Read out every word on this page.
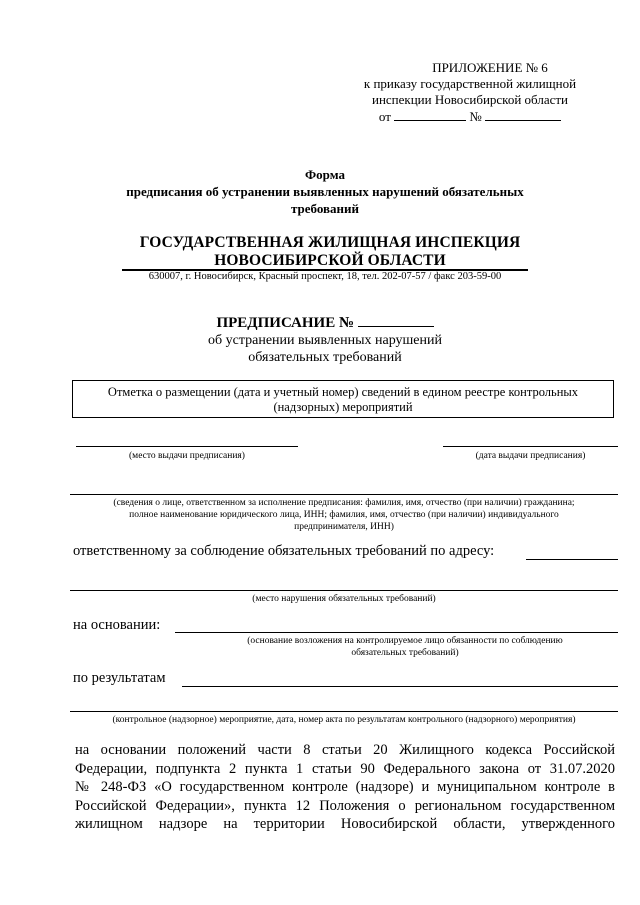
ПРИЛОЖЕНИЕ № 6
к приказу государственной жилищной
инспекции Новосибирской области
от	№
Форма
предписания об устранении выявленных нарушений обязательных
требований
ГОСУДАРСТВЕННАЯ ЖИЛИЩНАЯ ИНСПЕКЦИЯ
НОВОСИБИРСКОЙ ОБЛАСТИ
630007, г. Новосибирск, Красный проспект, 18, тел. 202-07-57 / факс 203-59-00
ПРЕДПИСАНИЕ №
об устранении выявленных нарушений
обязательных требований
Отметка о размещении (дата и учетный номер) сведений в едином реестре контрольных
(надзорных) мероприятий
(место выдачи предписания)	(дата выдачи предписания)
(сведения о лице, ответственном за исполнение предписания: фамилия, имя, отчество (при наличии) гражданина;
полное наименование юридического лица, ИНН; фамилия, имя, отчество (при наличии) индивидуального
предпринимателя, ИНН)
ответственному за соблюдение обязательных требований по адресу:
(место нарушения обязательных требований)
на основании:
(основание возложения на контролируемое лицо обязанности по соблюдению
обязательных требований)
по результатам
(контрольное (надзорное) мероприятие, дата, номер акта по результатам контрольного (надзорного) мероприятия)
на основании положений части 8 статьи 20 Жилищного кодекса Российской
Федерации, подпункта 2 пункта 1 статьи 90 Федерального закона от 31.07.2020
№ 248-ФЗ «О государственном контроле (надзоре) и муниципальном контроле в
Российской Федерации», пункта 12 Положения о региональном государственном
жилищном надзоре на территории Новосибирской области, утвержденного
